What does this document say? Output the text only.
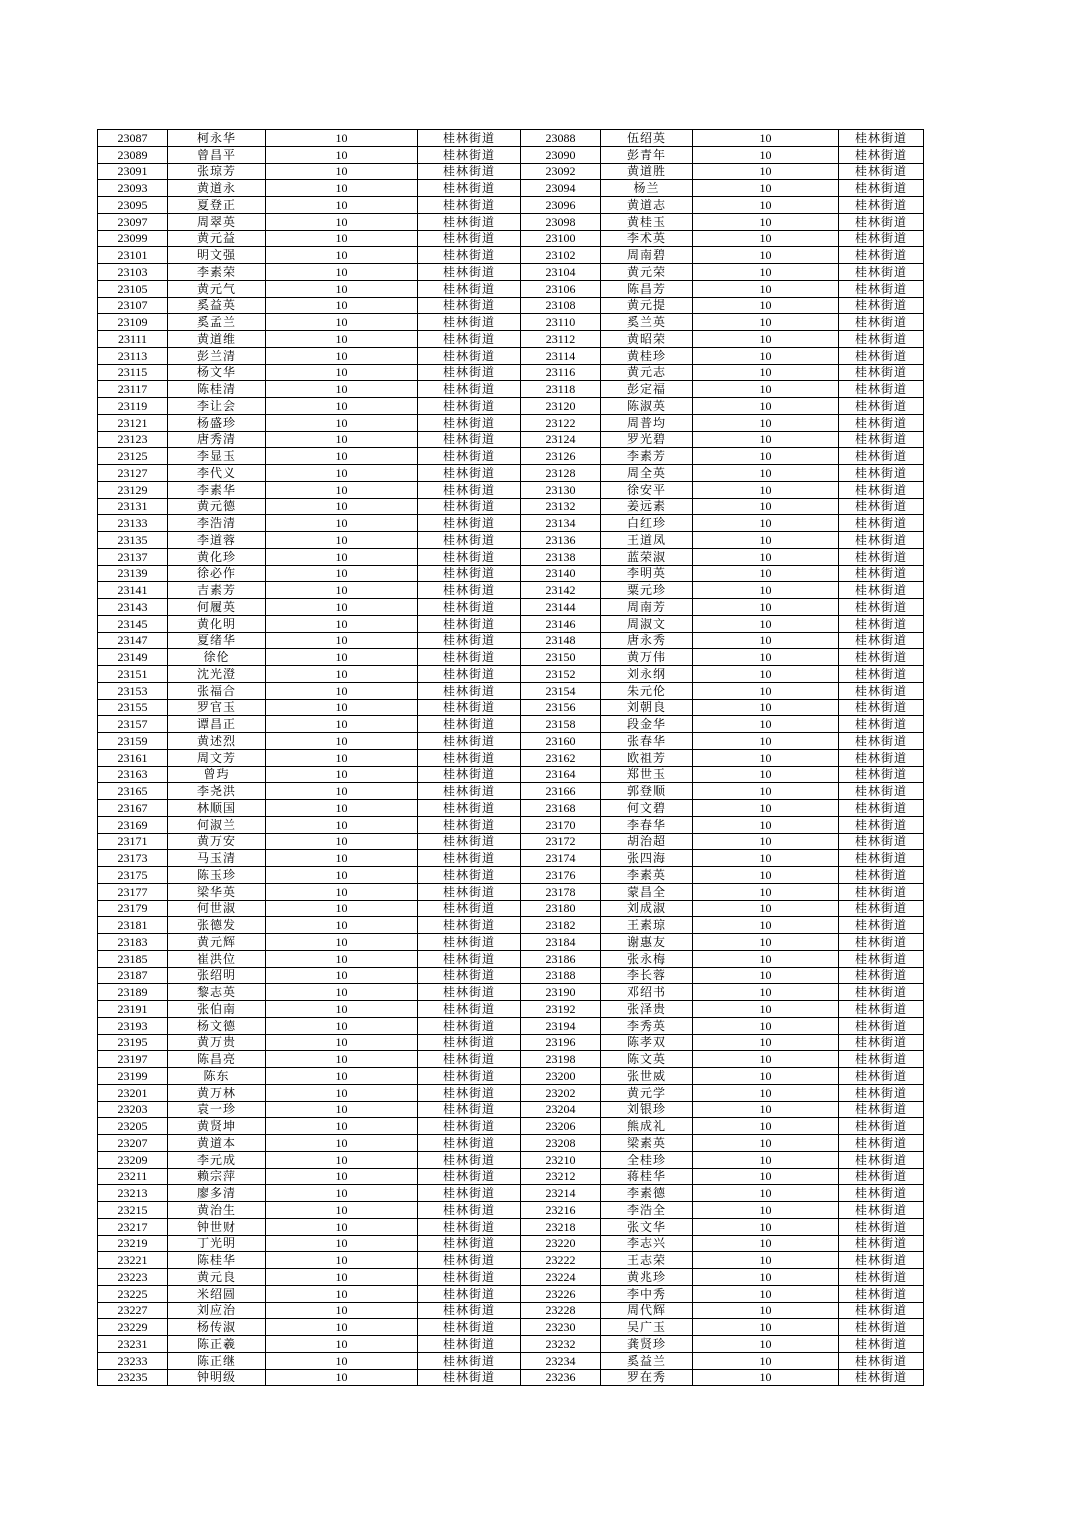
23087	柯永华	10	桂林街道	23088	伍绍英	10	桂林街道
23089	曾昌平	10	桂林街道	23090	彭青年	10	桂林街道
23091	张琼芳	10	桂林街道	23092	黄道胜	10	桂林街道
23093	黄道永	10	桂林街道	23094	杨兰	10	桂林街道
23095	夏登正	10	桂林街道	23096	黄道志	10	桂林街道
23097	周翠英	10	桂林街道	23098	黄桂玉	10	桂林街道
23099	黄元益	10	桂林街道	23100	李术英	10	桂林街道
23101	明文强	10	桂林街道	23102	周南碧	10	桂林街道
23103	李素荣	10	桂林街道	23104	黄元荣	10	桂林街道
23105	黄元气	10	桂林街道	23106	陈昌芳	10	桂林街道
23107	奚益英	10	桂林街道	23108	黄元提	10	桂林街道
23109	奚孟兰	10	桂林街道	23110	奚兰英	10	桂林街道
23111	黄道维	10	桂林街道	23112	黄昭荣	10	桂林街道
23113	彭兰清	10	桂林街道	23114	黄桂珍	10	桂林街道
23115	杨文华	10	桂林街道	23116	黄元志	10	桂林街道
23117	陈桂清	10	桂林街道	23118	彭定福	10	桂林街道
23119	李让会	10	桂林街道	23120	陈淑英	10	桂林街道
23121	杨盛珍	10	桂林街道	23122	周普均	10	桂林街道
23123	唐秀清	10	桂林街道	23124	罗光碧	10	桂林街道
23125	李显玉	10	桂林街道	23126	李素芳	10	桂林街道
23127	李代义	10	桂林街道	23128	周全英	10	桂林街道
23129	李素华	10	桂林街道	23130	徐安平	10	桂林街道
23131	黄元德	10	桂林街道	23132	姜远素	10	桂林街道
23133	李浩清	10	桂林街道	23134	白红珍	10	桂林街道
23135	李道蓉	10	桂林街道	23136	王道凤	10	桂林街道
23137	黄化珍	10	桂林街道	23138	蓝荣淑	10	桂林街道
23139	徐必作	10	桂林街道	23140	李明英	10	桂林街道
23141	吉素芳	10	桂林街道	23142	粟元珍	10	桂林街道
23143	何履英	10	桂林街道	23144	周南芳	10	桂林街道
23145	黄化明	10	桂林街道	23146	周淑文	10	桂林街道
23147	夏绪华	10	桂林街道	23148	唐永秀	10	桂林街道
23149	徐伦	10	桂林街道	23150	黄万伟	10	桂林街道
23151	沈光澄	10	桂林街道	23152	刘永纲	10	桂林街道
23153	张福合	10	桂林街道	23154	朱元伦	10	桂林街道
23155	罗官玉	10	桂林街道	23156	刘朝良	10	桂林街道
23157	谭昌正	10	桂林街道	23158	段金华	10	桂林街道
23159	黄述烈	10	桂林街道	23160	张春华	10	桂林街道
23161	周文芳	10	桂林街道	23162	欧祖芳	10	桂林街道
23163	曾玙	10	桂林街道	23164	郑世玉	10	桂林街道
23165	李尧洪	10	桂林街道	23166	郭登顺	10	桂林街道
23167	林顺国	10	桂林街道	23168	何文碧	10	桂林街道
23169	何淑兰	10	桂林街道	23170	李春华	10	桂林街道
23171	黄万安	10	桂林街道	23172	胡治超	10	桂林街道
23173	马玉清	10	桂林街道	23174	张四海	10	桂林街道
23175	陈玉珍	10	桂林街道	23176	李素英	10	桂林街道
23177	梁华英	10	桂林街道	23178	蒙昌全	10	桂林街道
23179	何世淑	10	桂林街道	23180	刘成淑	10	桂林街道
23181	张德发	10	桂林街道	23182	王素琼	10	桂林街道
23183	黄元辉	10	桂林街道	23184	谢惠友	10	桂林街道
23185	崔洪位	10	桂林街道	23186	张永梅	10	桂林街道
23187	张绍明	10	桂林街道	23188	李长蓉	10	桂林街道
23189	黎志英	10	桂林街道	23190	邓绍书	10	桂林街道
23191	张伯南	10	桂林街道	23192	张泽贵	10	桂林街道
23193	杨文德	10	桂林街道	23194	李秀英	10	桂林街道
23195	黄万贵	10	桂林街道	23196	陈孝双	10	桂林街道
23197	陈昌亮	10	桂林街道	23198	陈文英	10	桂林街道
23199	陈东	10	桂林街道	23200	张世威	10	桂林街道
23201	黄万林	10	桂林街道	23202	黄元学	10	桂林街道
23203	袁一珍	10	桂林街道	23204	刘银珍	10	桂林街道
23205	黄贤坤	10	桂林街道	23206	熊成礼	10	桂林街道
23207	黄道本	10	桂林街道	23208	梁素英	10	桂林街道
23209	李元成	10	桂林街道	23210	全桂珍	10	桂林街道
23211	赖宗萍	10	桂林街道	23212	蒋桂华	10	桂林街道
23213	廖多清	10	桂林街道	23214	李素德	10	桂林街道
23215	黄治生	10	桂林街道	23216	李浩全	10	桂林街道
23217	钟世财	10	桂林街道	23218	张文华	10	桂林街道
23219	丁光明	10	桂林街道	23220	李志兴	10	桂林街道
23221	陈桂华	10	桂林街道	23222	王志荣	10	桂林街道
23223	黄元良	10	桂林街道	23224	黄兆珍	10	桂林街道
23225	米绍圆	10	桂林街道	23226	李中秀	10	桂林街道
23227	刘应治	10	桂林街道	23228	周代辉	10	桂林街道
23229	杨传淑	10	桂林街道	23230	吴广玉	10	桂林街道
23231	陈正羲	10	桂林街道	23232	龚贤珍	10	桂林街道
23233	陈正继	10	桂林街道	23234	奚益兰	10	桂林街道
23235	钟明级	10	桂林街道	23236	罗在秀	10	桂林街道
